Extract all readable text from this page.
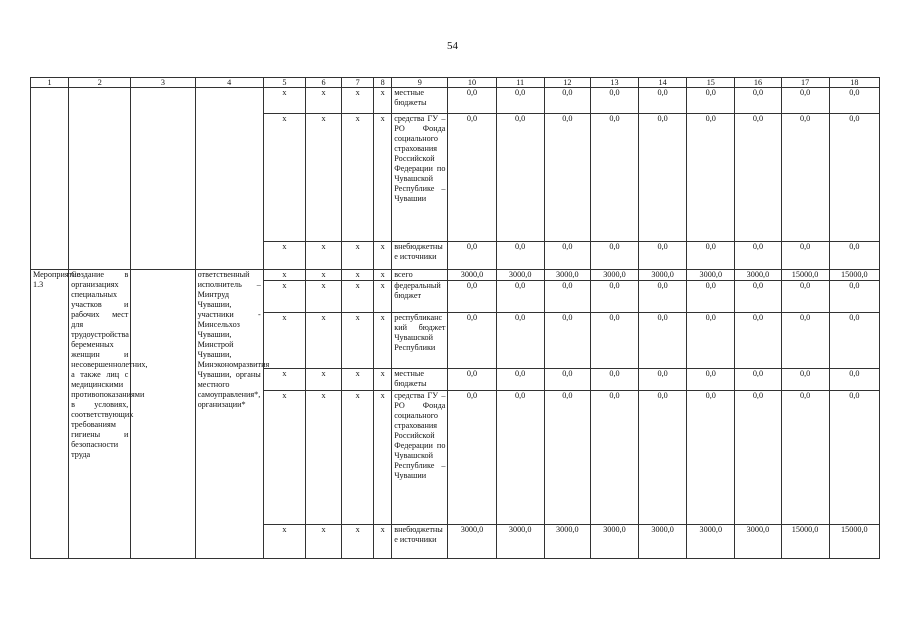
54
1	2	3	4	5	6	7	8	9	10	11	12	13	14	15	16	17	18
				х	х	х	х	местные бюджеты	0,0	0,0	0,0	0,0	0,0	0,0	0,0	0,0	0,0
				х	х	х	х	средства ГУ – РО Фонда социального страхования Российской Федерации по Чувашской Республике – Чувашии	0,0	0,0	0,0	0,0	0,0	0,0	0,0	0,0	0,0
				х	х	х	х	внебюджетные источники	0,0	0,0	0,0	0,0	0,0	0,0	0,0	0,0	0,0
Мероприятие 1.3	Создание в организациях специальных участков и рабочих мест для трудоустройства беременных женщин и несовершеннолетних, а также лиц с медицинскими противопоказаниями в условиях, соответствующих требованиям гигиены и безопасности труда		ответственный исполнитель – Минтруд Чувашии, участники - Минсельхоз Чувашии, Минстрой Чувашии, Минэкономразвития Чувашии, органы местного самоуправления*, организации*	х	х	х	х	всего	3000,0	3000,0	3000,0	3000,0	3000,0	3000,0	3000,0	15000,0	15000,0
				х	х	х	х	федеральный бюджет	0,0	0,0	0,0	0,0	0,0	0,0	0,0	0,0	0,0
				х	х	х	х	республиканский бюджет Чувашской Республики	0,0	0,0	0,0	0,0	0,0	0,0	0,0	0,0	0,0
				х	х	х	х	местные бюджеты	0,0	0,0	0,0	0,0	0,0	0,0	0,0	0,0	0,0
				х	х	х	х	средства ГУ – РО Фонда социального страхования Российской Федерации по Чувашской Республике – Чувашии	0,0	0,0	0,0	0,0	0,0	0,0	0,0	0,0	0,0
				х	х	х	х	внебюджетные источники	3000,0	3000,0	3000,0	3000,0	3000,0	3000,0	3000,0	15000,0	15000,0
